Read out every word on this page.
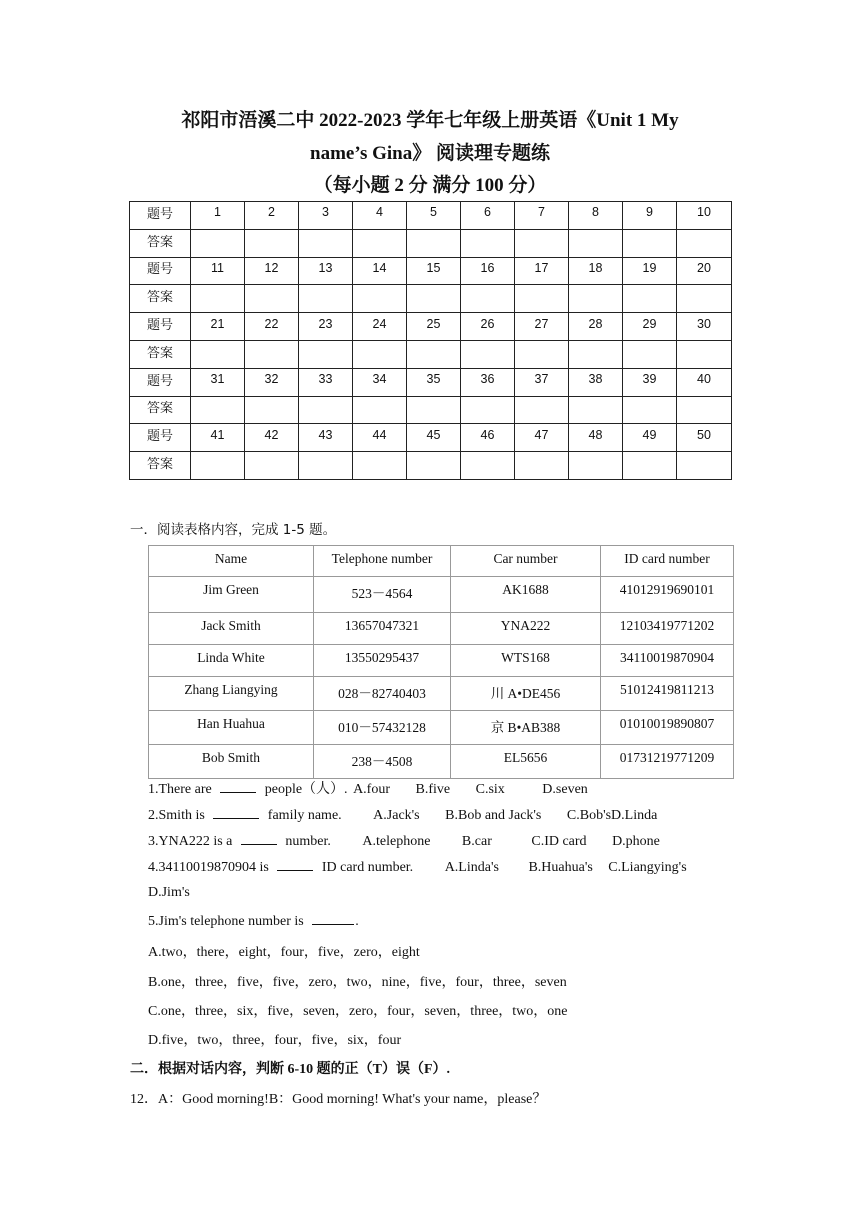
祁阳市浯溪二中 2022-2023 学年七年级上册英语《Unit 1 My
name’s Gina》 阅读理专题练
（每小题 2 分 满分 100 分）
题号	1	2	3	4	5	6	7	8	9	10
答案										
题号	11	12	13	14	15	16	17	18	19	20
答案										
题号	21	22	23	24	25	26	27	28	29	30
答案										
题号	31	32	33	34	35	36	37	38	39	40
答案										
题号	41	42	43	44	45	46	47	48	49	50
答案										
一．阅读表格内容，完成 1-5 题。
Name	Telephone number	Car number	ID card number
Jim Green	523－4564	AK1688	41012919690101
Jack Smith	13657047321	YNA222	12103419771202
Linda White	13550295437	WTS168	34110019870904
Zhang Liangying	028－82740403	川 A•DE456	51012419811213
Han Huahua	010－57432128	京 B•AB388	01010019890807
Bob Smith	238－4508	EL5656	01731219771209
1.There are	people（人）. A.four B.five C.six	D.seven
2.Smith is	family name. A.Jack's B.Bob and Jack's C.Bob'sD.Linda
3.YNA222 is a	number. A.telephone B.car	C.ID card D.phone
4.34110019870904 is	ID card number. A.Linda's B.Huahua's C.Liangying's
D.Jim's
5.Jim's telephone number is	.
A.two，there，eight，four，five，zero，eight
B.one，three，five，five，zero，two，nine，five，four，three，seven
C.one，three，six，five，seven，zero，four，seven，three，two，one
D.five，two，three，four，five，six，four
二．根据对话内容，判断 6-10 题的正（T）误（F）.
12．A：Good morning!B：Good morning! What's your name，please？
